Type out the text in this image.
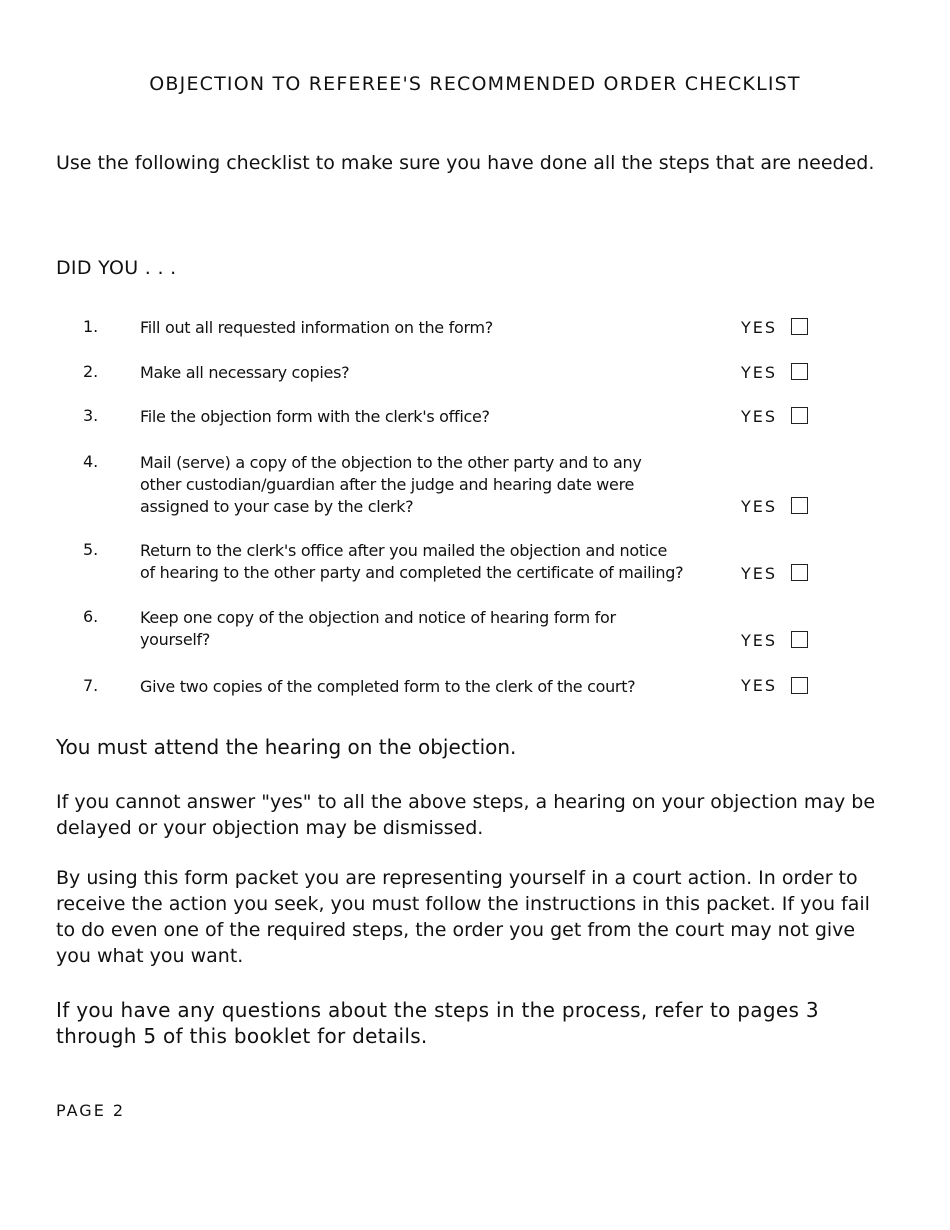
OBJECTION TO REFEREE'S RECOMMENDED ORDER CHECKLIST
Use the following checklist to make sure you have done all the steps that are needed.
DID YOU . . .
1.	Fill out all requested information on the form?	YES
2.	Make all necessary copies?	YES
3.	File the objection form with the clerk's office?	YES
4.	Mail (serve) a copy of the objection to the other party and to any
other custodian/guardian after the judge and hearing date were
assigned to your case by the clerk?	YES
5.	Return to the clerk's office after you mailed the objection and notice
of hearing to the other party and completed the certificate of mailing?	YES
6.	Keep one copy of the objection and notice of hearing form for
yourself?	YES
7.	Give two copies of the completed form to the clerk of the court?	YES
You must attend the hearing on the objection.
If you cannot answer "yes" to all the above steps, a hearing on your objection may be
delayed or your objection may be dismissed.
By using this form packet you are representing yourself in a court action. In order to
receive the action you seek, you must follow the instructions in this packet. If you fail
to do even one of the required steps, the order you get from the court may not give
you what you want.
If you have any questions about the steps in the process, refer to pages 3
through 5 of this booklet for details.
PAGE 2
